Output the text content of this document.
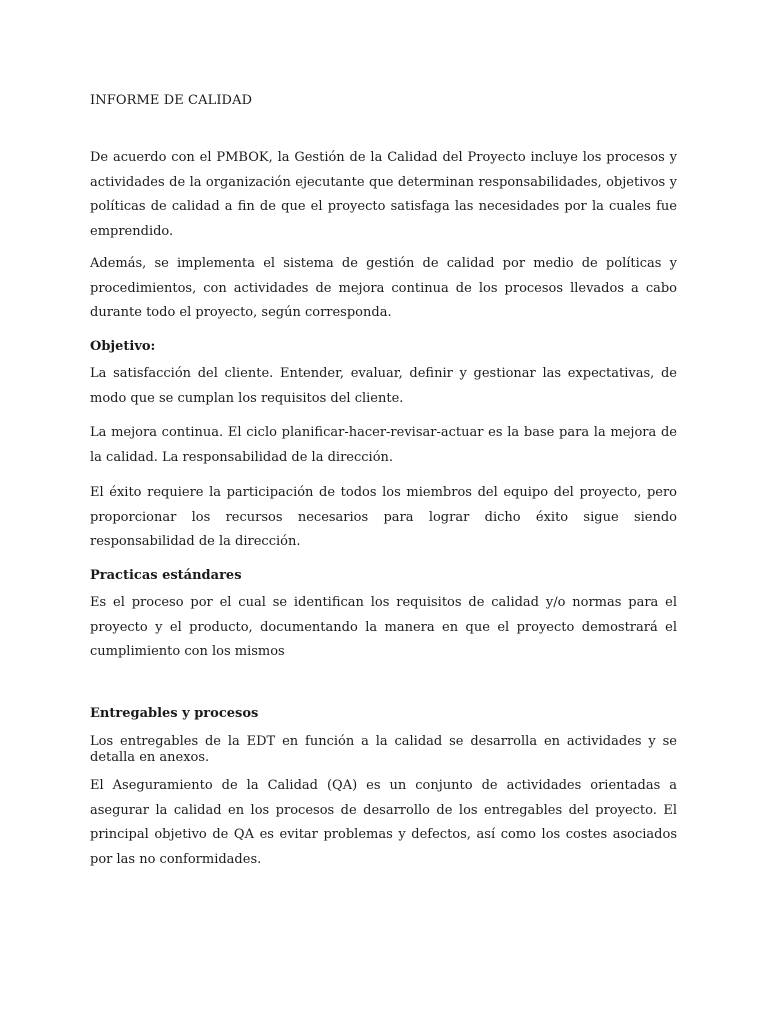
INFORME DE CALIDAD

De acuerdo con el PMBOK, la Gestión de la Calidad del Proyecto incluye los procesos y actividades de la organización ejecutante que determinan responsabilidades, objetivos y políticas de calidad a fin de que el proyecto satisfaga las necesidades por la cuales fue emprendido.

Además, se implementa el sistema de gestión de calidad por medio de políticas y procedimientos, con actividades de mejora continua de los procesos llevados a cabo durante todo el proyecto, según corresponda.

Objetivo:

La satisfacción del cliente. Entender, evaluar, definir y gestionar las expectativas, de modo que se cumplan los requisitos del cliente.

La mejora continua. El ciclo planificar-hacer-revisar-actuar es la base para la mejora de la calidad. La responsabilidad de la dirección.

El éxito requiere la participación de todos los miembros del equipo del proyecto, pero proporcionar los recursos necesarios para lograr dicho éxito sigue siendo responsabilidad de la dirección.

Practicas estándares

Es el proceso por el cual se identifican los requisitos de calidad y/o normas para el proyecto y el producto, documentando la manera en que el proyecto demostrará el cumplimiento con los mismos

Entregables y procesos

Los entregables de la EDT en función a la calidad se desarrolla en actividades y se detalla en anexos.

El Aseguramiento de la Calidad (QA) es un conjunto de actividades orientadas a asegurar la calidad en los procesos de desarrollo de los entregables del proyecto. El principal objetivo de QA es evitar problemas y defectos, así como los costes asociados por las no conformidades.
